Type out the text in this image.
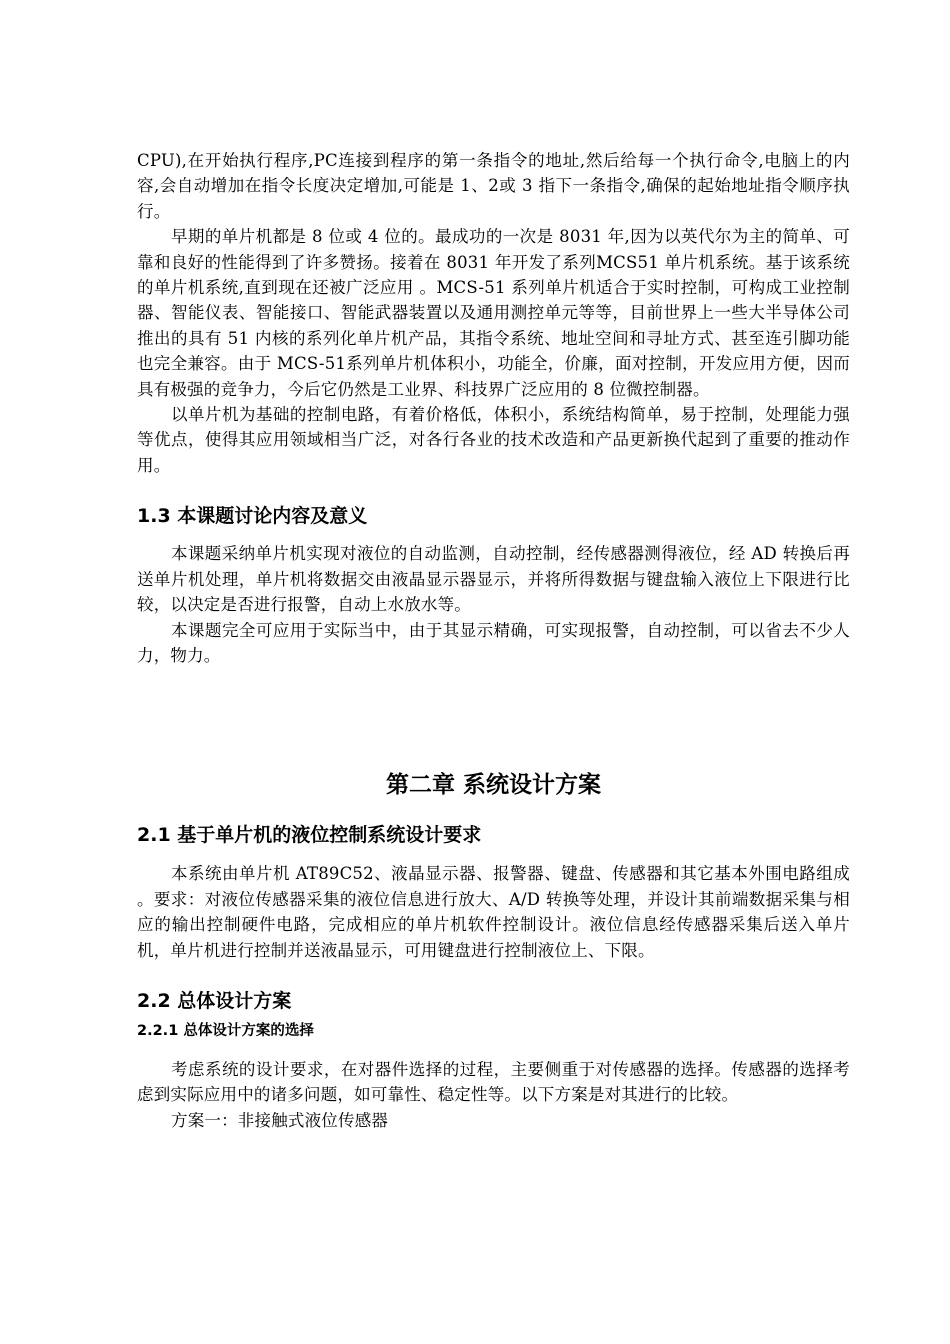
CPU),在开始执行程序,PC连接到程序的第一条指令的地址,然后给每一个执行命令,电脑上的内容,会自动增加在指令长度决定增加,可能是 1、2或 3 指下一条指令,确保的起始地址指令顺序执行。

早期的单片机都是 8 位或 4 位的。最成功的一次是 8031 年,因为以英代尔为主的简单、可靠和良好的性能得到了许多赞扬。接着在 8031 年开发了系列MCS51 单片机系统。基于该系统的单片机系统,直到现在还被广泛应用 。MCS-51 系列单片机适合于实时控制，可构成工业控制器、智能仪表、智能接口、智能武器装置以及通用测控单元等等，目前世界上一些大半导体公司推出的具有 51 内核的系列化单片机产品，其指令系统、地址空间和寻址方式、甚至连引脚功能也完全兼容。由于 MCS-51系列单片机体积小，功能全，价廉，面对控制，开发应用方便，因而具有极强的竞争力，今后它仍然是工业界、科技界广泛应用的 8 位微控制器。

以单片机为基础的控制电路，有着价格低，体积小，系统结构简单，易于控制，处理能力强等优点，使得其应用领域相当广泛，对各行各业的技术改造和产品更新换代起到了重要的推动作用。

1.3 本课题讨论内容及意义

本课题采纳单片机实现对液位的自动监测，自动控制，经传感器测得液位，经 AD 转换后再送单片机处理，单片机将数据交由液晶显示器显示，并将所得数据与键盘输入液位上下限进行比较，以决定是否进行报警，自动上水放水等。

本课题完全可应用于实际当中，由于其显示精确，可实现报警，自动控制，可以省去不少人力，物力。

第二章 系统设计方案
2.1 基于单片机的液位控制系统设计要求

本系统由单片机 AT89C52、液晶显示器、报警器、键盘、传感器和其它基本外围电路组成 。要求：对液位传感器采集的液位信息进行放大、A/D 转换等处理，并设计其前端数据采集与相应的输出控制硬件电路，完成相应的单片机软件控制设计。液位信息经传感器采集后送入单片机，单片机进行控制并送液晶显示，可用键盘进行控制液位上、下限。

2.2 总体设计方案
2.2.1 总体设计方案的选择

考虑系统的设计要求，在对器件选择的过程，主要侧重于对传感器的选择。传感器的选择考虑到实际应用中的诸多问题，如可靠性、稳定性等。以下方案是对其进行的比较。

方案一：非接触式液位传感器
